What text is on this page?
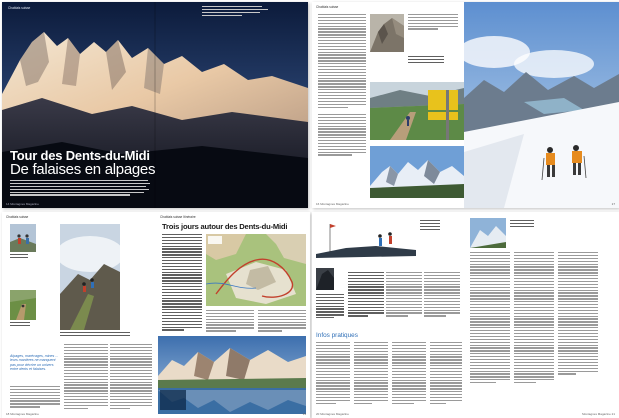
Chablais suisse
Tour des Dents-du-Midi
De falaises en alpages
14 Montagnes Magazine
Chablais suisse
16 Montagnes Magazine	17
Chablais suisse
Alpages, marécages, mines ... leurs manières ne manquent pas pour décrire un univers entre dents et falaises.
18 Montagnes Magazine
Chablais suisse Itinéraire
Trois jours autour des Dents-du-Midi
19
Infos pratiques
20 Montagnes Magazine	Montagnes Magazine 21
